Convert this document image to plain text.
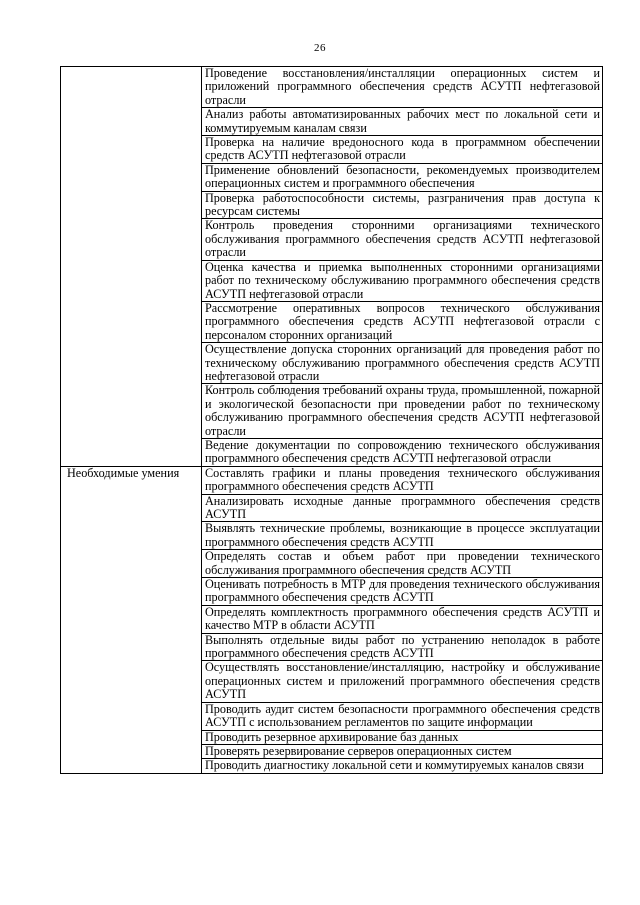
26
	Проведение восстановления/инсталляции операционных систем и приложений программного обеспечения средств АСУТП нефтегазовой отрасли
	Анализ работы автоматизированных рабочих мест по локальной сети и коммутируемым каналам связи
	Проверка на наличие вредоносного кода в программном обеспечении средств АСУТП нефтегазовой отрасли
	Применение обновлений безопасности, рекомендуемых производителем операционных систем и программного обеспечения
	Проверка работоспособности системы, разграничения прав доступа к ресурсам системы
	Контроль проведения сторонними организациями технического обслуживания программного обеспечения средств АСУТП нефтегазовой отрасли
	Оценка качества и приемка выполненных сторонними организациями работ по техническому обслуживанию программного обеспечения средств АСУТП нефтегазовой отрасли
	Рассмотрение оперативных вопросов технического обслуживания программного обеспечения средств АСУТП нефтегазовой отрасли с персоналом сторонних организаций
	Осуществление допуска сторонних организаций для проведения работ по техническому обслуживанию программного обеспечения средств АСУТП нефтегазовой отрасли
	Контроль соблюдения требований охраны труда, промышленной, пожарной и экологической безопасности при проведении работ по техническому обслуживанию программного обеспечения средств АСУТП нефтегазовой отрасли
	Ведение документации по сопровождению технического обслуживания программного обеспечения средств АСУТП нефтегазовой отрасли
Необходимые умения	Составлять графики и планы проведения технического обслуживания программного обеспечения средств АСУТП
	Анализировать исходные данные программного обеспечения средств АСУТП
	Выявлять технические проблемы, возникающие в процессе эксплуатации программного обеспечения средств АСУТП
	Определять состав и объем работ при проведении технического обслуживания программного обеспечения средств АСУТП
	Оценивать потребность в МТР для проведения технического обслуживания программного обеспечения средств АСУТП
	Определять комплектность программного обеспечения средств АСУТП и качество МТР в области АСУТП
	Выполнять отдельные виды работ по устранению неполадок в работе программного обеспечения средств АСУТП
	Осуществлять восстановление/инсталляцию, настройку и обслуживание операционных систем и приложений программного обеспечения средств АСУТП
	Проводить аудит систем безопасности программного обеспечения средств АСУТП с использованием регламентов по защите информации
	Проводить резервное архивирование баз данных
	Проверять резервирование серверов операционных систем
	Проводить диагностику локальной сети и коммутируемых каналов связи
